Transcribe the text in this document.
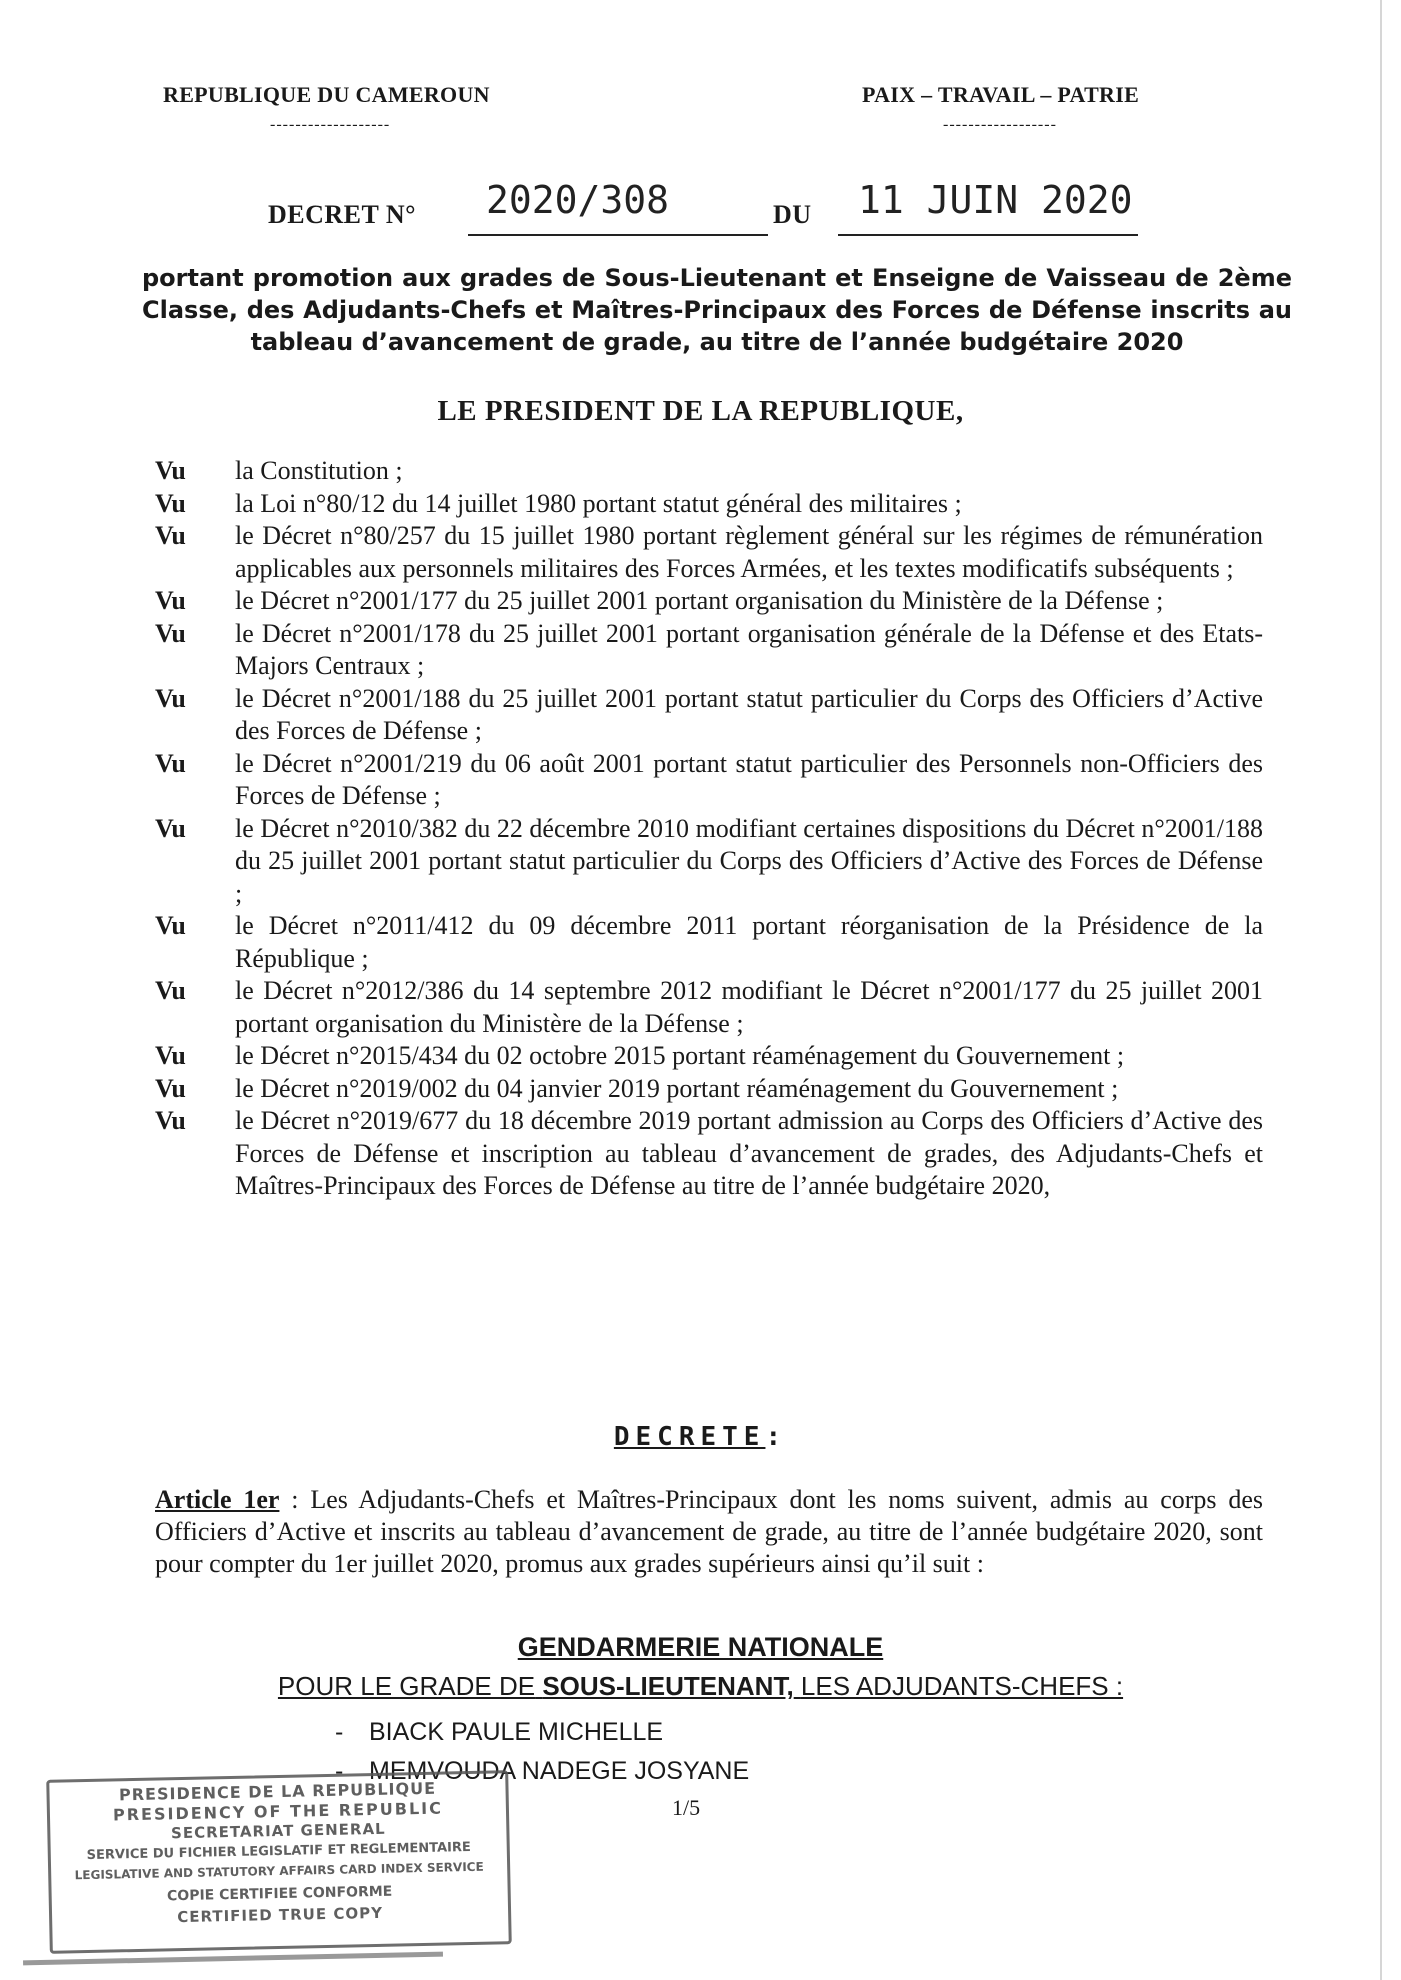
REPUBLIQUE DU CAMEROUN
-------------------
PAIX – TRAVAIL – PATRIE
------------------
DECRET N° 2020/308	DU 11 JUIN 2020
portant promotion aux grades de Sous-Lieutenant et Enseigne de Vaisseau de 2ème Classe, des Adjudants-Chefs et Maîtres-Principaux des Forces de Défense inscrits au tableau d’avancement de grade, au titre de l’année budgétaire 2020
LE PRESIDENT DE LA REPUBLIQUE,
Vu	la Constitution ;
Vu	la Loi n°80/12 du 14 juillet 1980 portant statut général des militaires ;
Vu	le Décret n°80/257 du 15 juillet 1980 portant règlement général sur les régimes de rémunération applicables aux personnels militaires des Forces Armées, et les textes modificatifs subséquents ;
Vu	le Décret n°2001/177 du 25 juillet 2001 portant organisation du Ministère de la Défense ;
Vu	le Décret n°2001/178 du 25 juillet 2001 portant organisation générale de la Défense et des Etats-Majors Centraux ;
Vu	le Décret n°2001/188 du 25 juillet 2001 portant statut particulier du Corps des Officiers d’Active des Forces de Défense ;
Vu	le Décret n°2001/219 du 06 août 2001 portant statut particulier des Personnels non-Officiers des Forces de Défense ;
Vu	le Décret n°2010/382 du 22 décembre 2010 modifiant certaines dispositions du Décret n°2001/188 du 25 juillet 2001 portant statut particulier du Corps des Officiers d’Active des Forces de Défense ;
Vu	le Décret n°2011/412 du 09 décembre 2011 portant réorganisation de la Présidence de la République ;
Vu	le Décret n°2012/386 du 14 septembre 2012 modifiant le Décret n°2001/177 du 25 juillet 2001 portant organisation du Ministère de la Défense ;
Vu	le Décret n°2015/434 du 02 octobre 2015 portant réaménagement du Gouvernement ;
Vu	le Décret n°2019/002 du 04 janvier 2019 portant réaménagement du Gouvernement ;
Vu	le Décret n°2019/677 du 18 décembre 2019 portant admission au Corps des Officiers d’Active des Forces de Défense et inscription au tableau d’avancement de grades, des Adjudants-Chefs et Maîtres-Principaux des Forces de Défense au titre de l’année budgétaire 2020,
DECRETE:
Article 1er : Les Adjudants-Chefs et Maîtres-Principaux dont les noms suivent, admis au corps des Officiers d’Active et inscrits au tableau d’avancement de grade, au titre de l’année budgétaire 2020, sont pour compter du 1er juillet 2020, promus aux grades supérieurs ainsi qu’il suit :
GENDARMERIE NATIONALE
POUR LE GRADE DE SOUS-LIEUTENANT, LES ADJUDANTS-CHEFS :
- BIACK PAULE MICHELLE
- MEMVOUDA NADEGE JOSYANE
1/5
PRESIDENCE DE LA REPUBLIQUE
PRESIDENCY OF THE REPUBLIC
SECRETARIAT GENERAL
SERVICE DU FICHIER LEGISLATIF ET REGLEMENTAIRE
LEGISLATIVE AND STATUTORY AFFAIRS CARD INDEX SERVICE
COPIE CERTIFIEE CONFORME
CERTIFIED TRUE COPY
